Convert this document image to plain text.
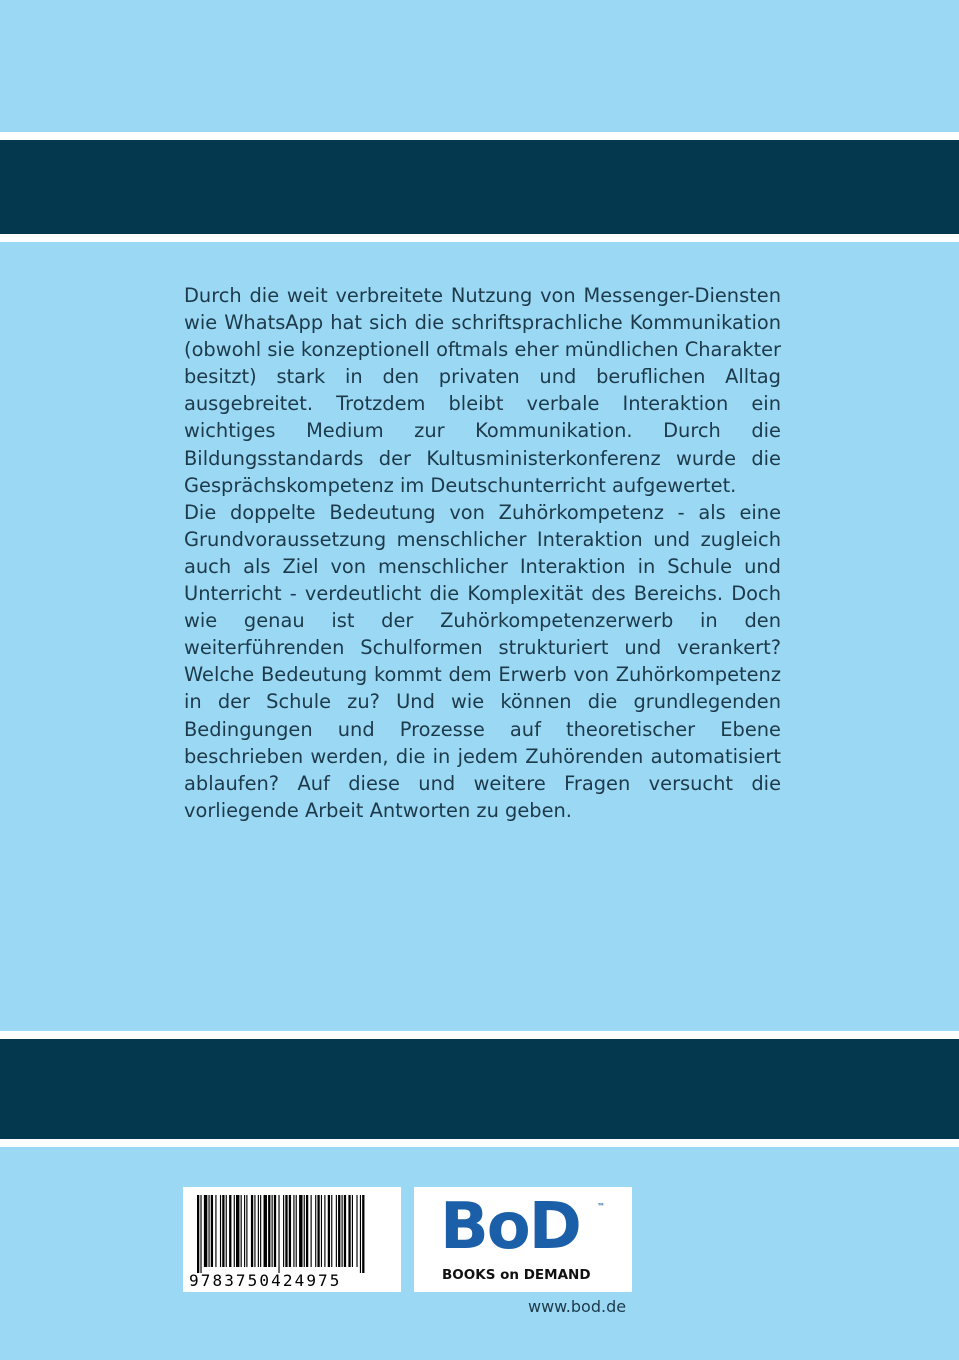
Durch die weit verbreitete Nutzung von Messenger-Diensten wie WhatsApp hat sich die schriftsprachliche Kommunikation (obwohl sie konzeptionell oftmals eher mündlichen Charakter besitzt) stark in den privaten und beruflichen Alltag ausgebreitet. Trotzdem bleibt verbale Interaktion ein wichtiges Medium zur Kommunikation. Durch die Bildungsstandards der Kultusministerkonferenz wurde die Gesprächskompetenz im Deutschunterricht aufgewertet.

Die doppelte Bedeutung von Zuhörkompetenz - als eine Grundvoraussetzung menschlicher Interaktion und zugleich auch als Ziel von menschlicher Interaktion in Schule und Unterricht - verdeutlicht die Komplexität des Bereichs. Doch wie genau ist der Zuhörkompetenzerwerb in den weiterführenden Schulformen strukturiert und verankert? Welche Bedeutung kommt dem Erwerb von Zuhörkompetenz in der Schule zu? Und wie können die grundlegenden Bedingungen und Prozesse auf theoretischer Ebene beschrieben werden, die in jedem Zuhörenden automatisiert ablaufen? Auf diese und weitere Fragen versucht die vorliegende Arbeit Antworten zu geben.

9783750424975
BoD ™
BOOKS on DEMAND
www.bod.de
